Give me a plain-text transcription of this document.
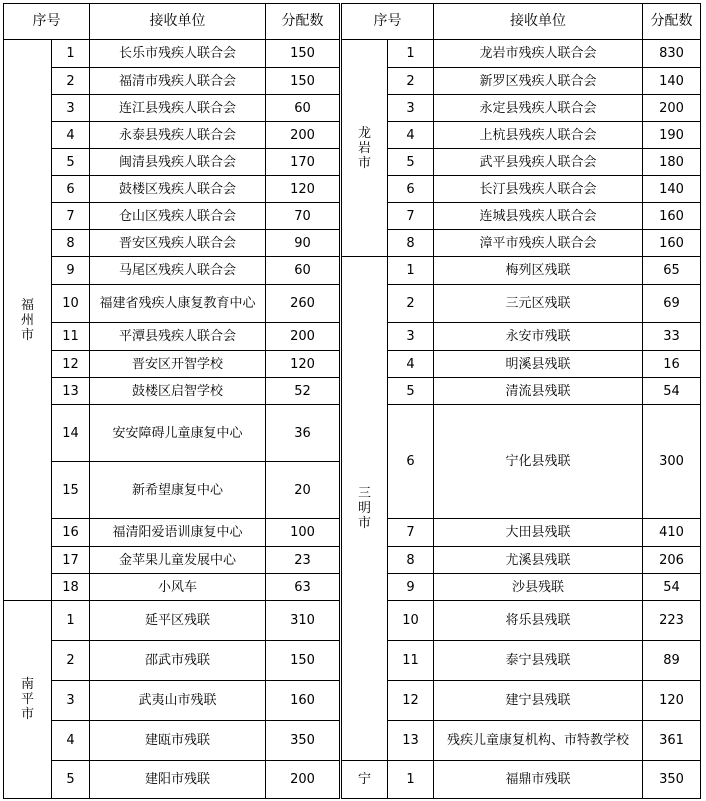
序号		接收单位	分配数	序号		接收单位	分配数
福州市	1	长乐市残疾人联合会	150	龙岩市	1	龙岩市残疾人联合会	830
	2	福清市残疾人联合会	150		2	新罗区残疾人联合会	140
	3	连江县残疾人联合会	60		3	永定县残疾人联合会	200
	4	永泰县残疾人联合会	200		4	上杭县残疾人联合会	190
	5	闽清县残疾人联合会	170		5	武平县残疾人联合会	180
	6	鼓楼区残疾人联合会	120		6	长汀县残疾人联合会	140
	7	仓山区残疾人联合会	70		7	连城县残疾人联合会	160
	8	晋安区残疾人联合会	90		8	漳平市残疾人联合会	160
	9	马尾区残疾人联合会	60	三明市	1	梅列区残联	65
	10	福建省残疾人康复教育中心	260		2	三元区残联	69
	11	平潭县残疾人联合会	200		3	永安市残联	33
	12	晋安区开智学校	120		4	明溪县残联	16
	13	鼓楼区启智学校	52		5	清流县残联	54
	14	安安障碍儿童康复中心	36		6	宁化县残联	300
	15	新希望康复中心	20				
	16	福清阳爱语训康复中心	100		7	大田县残联	410
	17	金苹果儿童发展中心	23		8	尤溪县残联	206
	18	小风车	63		9	沙县残联	54
南平市	1	延平区残联	310		10	将乐县残联	223
	2	邵武市残联	150		11	泰宁县残联	89
	3	武夷山市残联	160		12	建宁县残联	120
	4	建瓯市残联	350		13	残疾儿童康复机构、市特教学校	361
	5	建阳市残联	200	宁	1	福鼎市残联	350
